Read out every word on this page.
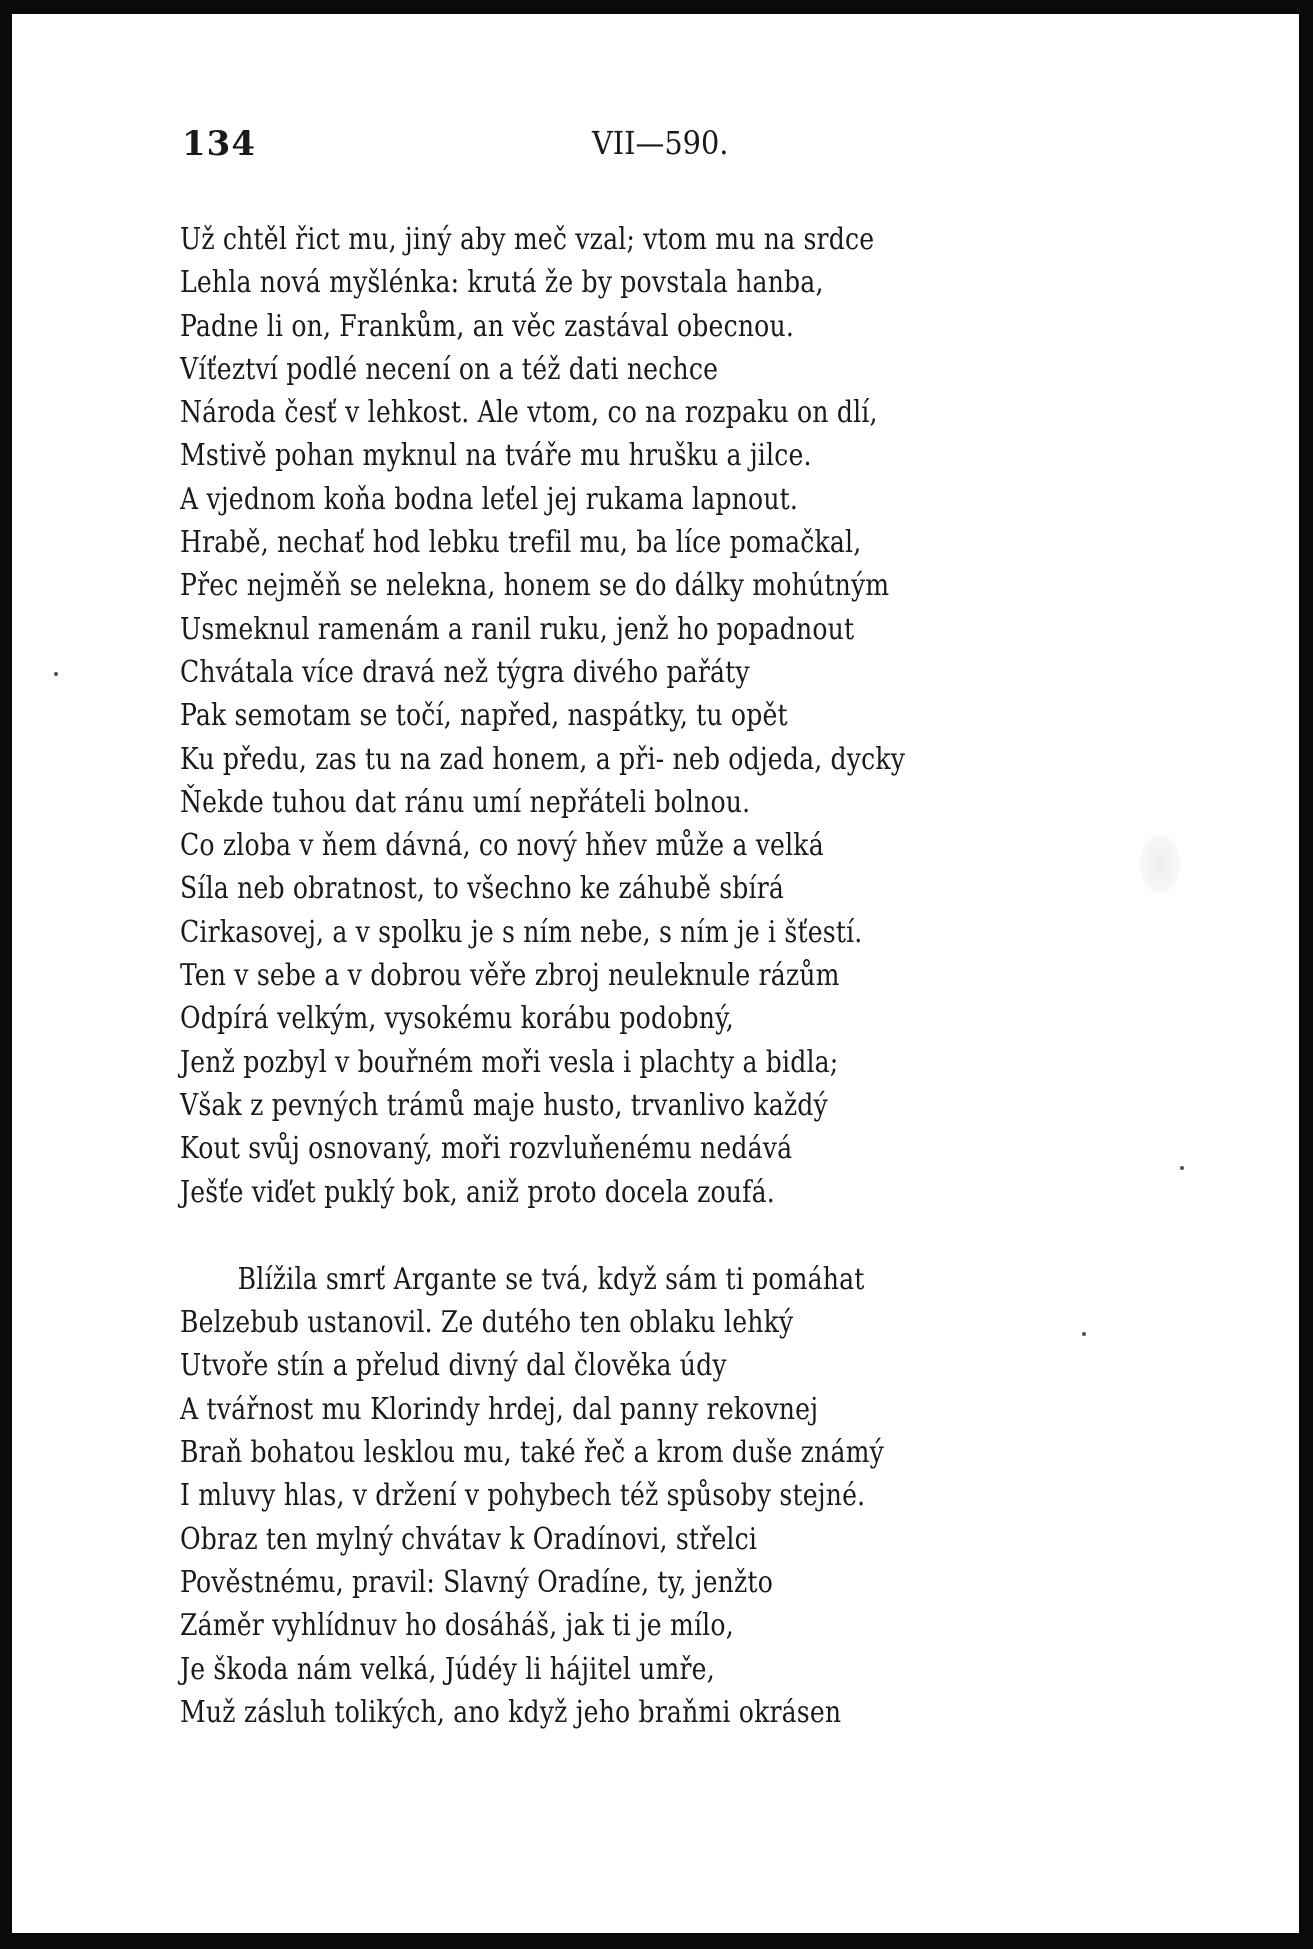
134	VII—590.
Už chtěl řict mu, jiný aby meč vzal; vtom mu na srdce
Lehla nová myšlénka: krutá že by povstala hanba,
Padne li on, Frankům, an věc zastával obecnou.
Víťeztví podlé necení on a též dati nechce
Národa česť v lehkost. Ale vtom, co na rozpaku on dlí,
Mstivě pohan myknul na tváře mu hrušku a jilce.
A vjednom koňa bodna leťel jej rukama lapnout.
Hrabě, nechať hod lebku trefil mu, ba líce pomačkal,
Přec nejměň se nelekna, honem se do dálky mohútným
Usmeknul ramenám a ranil ruku, jenž ho popadnout
Chvátala více dravá než týgra divého pařáty
Pak semotam se točí, napřed, naspátky, tu opět
Ku předu, zas tu na zad honem, a při- neb odjeda, dycky
Ňekde tuhou dat ránu umí nepřáteli bolnou.
Co zloba v ňem dávná, co nový hňev může a velká
Síla neb obratnost, to všechno ke záhubě sbírá
Cirkasovej, a v spolku je s ním nebe, s ním je i šťestí.
Ten v sebe a v dobrou věře zbroj neuleknule rázům
Odpírá velkým, vysokému korábu podobný,
Jenž pozbyl v bouřném moři vesla i plachty a bidla;
Však z pevných trámů maje husto, trvanlivo každý
Kout svůj osnovaný, moři rozvluňenému nedává
Ješťe viďet puklý bok, aniž proto docela zoufá.
Blížila smrť Argante se tvá, když sám ti pomáhat
Belzebub ustanovil. Ze dutého ten oblaku lehký
Utvoře stín a přelud divný dal člověka údy
A tvářnost mu Klorindy hrdej, dal panny rekovnej
Braň bohatou lesklou mu, také řeč a krom duše známý
I mluvy hlas, v držení v pohybech též spůsoby stejné.
Obraz ten mylný chvátav k Oradínovi, střelci
Pověstnému, pravil: Slavný Oradíne, ty, jenžto
Záměr vyhlídnuv ho dosáháš, jak ti je mílo,
Je škoda nám velká, Júdéy li hájitel umře,
Muž zásluh tolikých, ano když jeho braňmi okrásen
